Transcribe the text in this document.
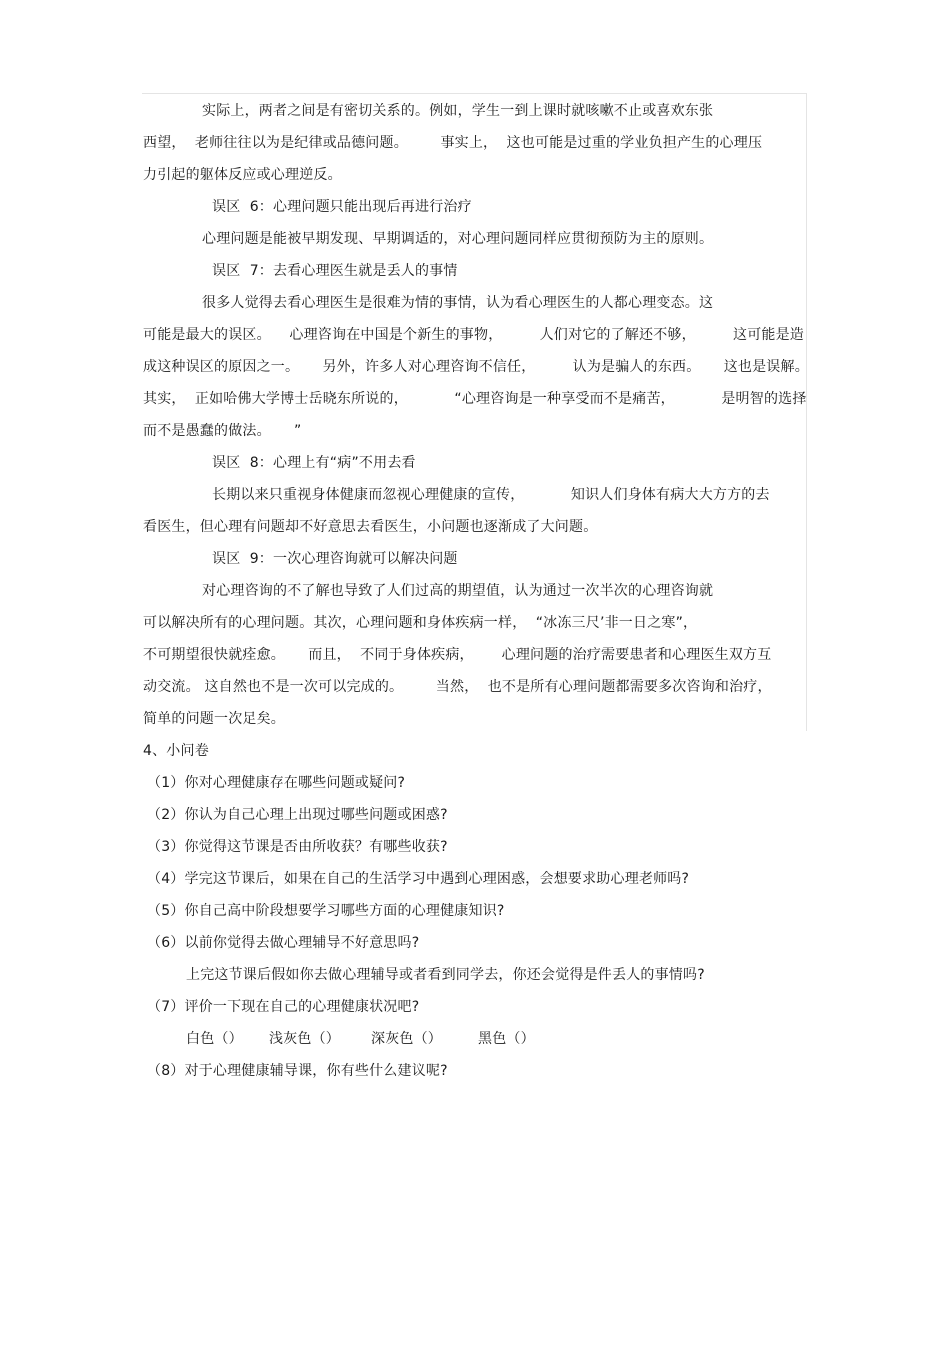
实际上，两者之间是有密切关系的。例如，学生一到上课时就咳嗽不止或喜欢东张
西望，  老师往往以为是纪律或品德问题。       事实上，  这也可能是过重的学业负担产生的心理压
力引起的躯体反应或心理逆反。
误区  6：心理问题只能出现后再进行治疗
心理问题是能被早期发现、早期调适的，对心理问题同样应贯彻预防为主的原则。
误区  7：去看心理医生就是丢人的事情
很多人觉得去看心理医生是很难为情的事情，认为看心理医生的人都心理变态。这
可能是最大的误区。    心理咨询在中国是个新生的事物，        人们对它的了解还不够，        这可能是造
成这种误区的原因之一。     另外，许多人对心理咨询不信任，        认为是骗人的东西。     这也是误解。
其实，  正如哈佛大学博士岳晓东所说的，          “心理咨询是一种享受而不是痛苦，          是明智的选择
而不是愚蠢的做法。     ”
误区  8：心理上有“病”不用去看
长期以来只重视身体健康而忽视心理健康的宣传，          知识人们身体有病大大方方的去
看医生，但心理有问题却不好意思去看医生，小问题也逐渐成了大问题。
误区  9：一次心理咨询就可以解决问题
对心理咨询的不了解也导致了人们过高的期望值，认为通过一次半次的心理咨询就
可以解决所有的心理问题。其次，心理问题和身体疾病一样，  “冰冻三尺’非一日之寒”，
不可期望很快就痊愈。     而且，  不同于身体疾病，      心理问题的治疗需要患者和心理医生双方互
动交流。 这自然也不是一次可以完成的。       当然，  也不是所有心理问题都需要多次咨询和治疗，
简单的问题一次足矣。
4、小问卷
（1）你对心理健康存在哪些问题或疑问?
（2）你认为自己心理上出现过哪些问题或困惑?
（3）你觉得这节课是否由所收获？有哪些收获?
（4）学完这节课后，如果在自己的生活学习中遇到心理困惑，会想要求助心理老师吗?
（5）你自己高中阶段想要学习哪些方面的心理健康知识?
（6）以前你觉得去做心理辅导不好意思吗?
上完这节课后假如你去做心理辅导或者看到同学去，你还会觉得是件丢人的事情吗?
（7）评价一下现在自己的心理健康状况吧?
白色（） 浅灰色（） 深灰色（）	黑色（）
（8）对于心理健康辅导课，你有些什么建议呢?
